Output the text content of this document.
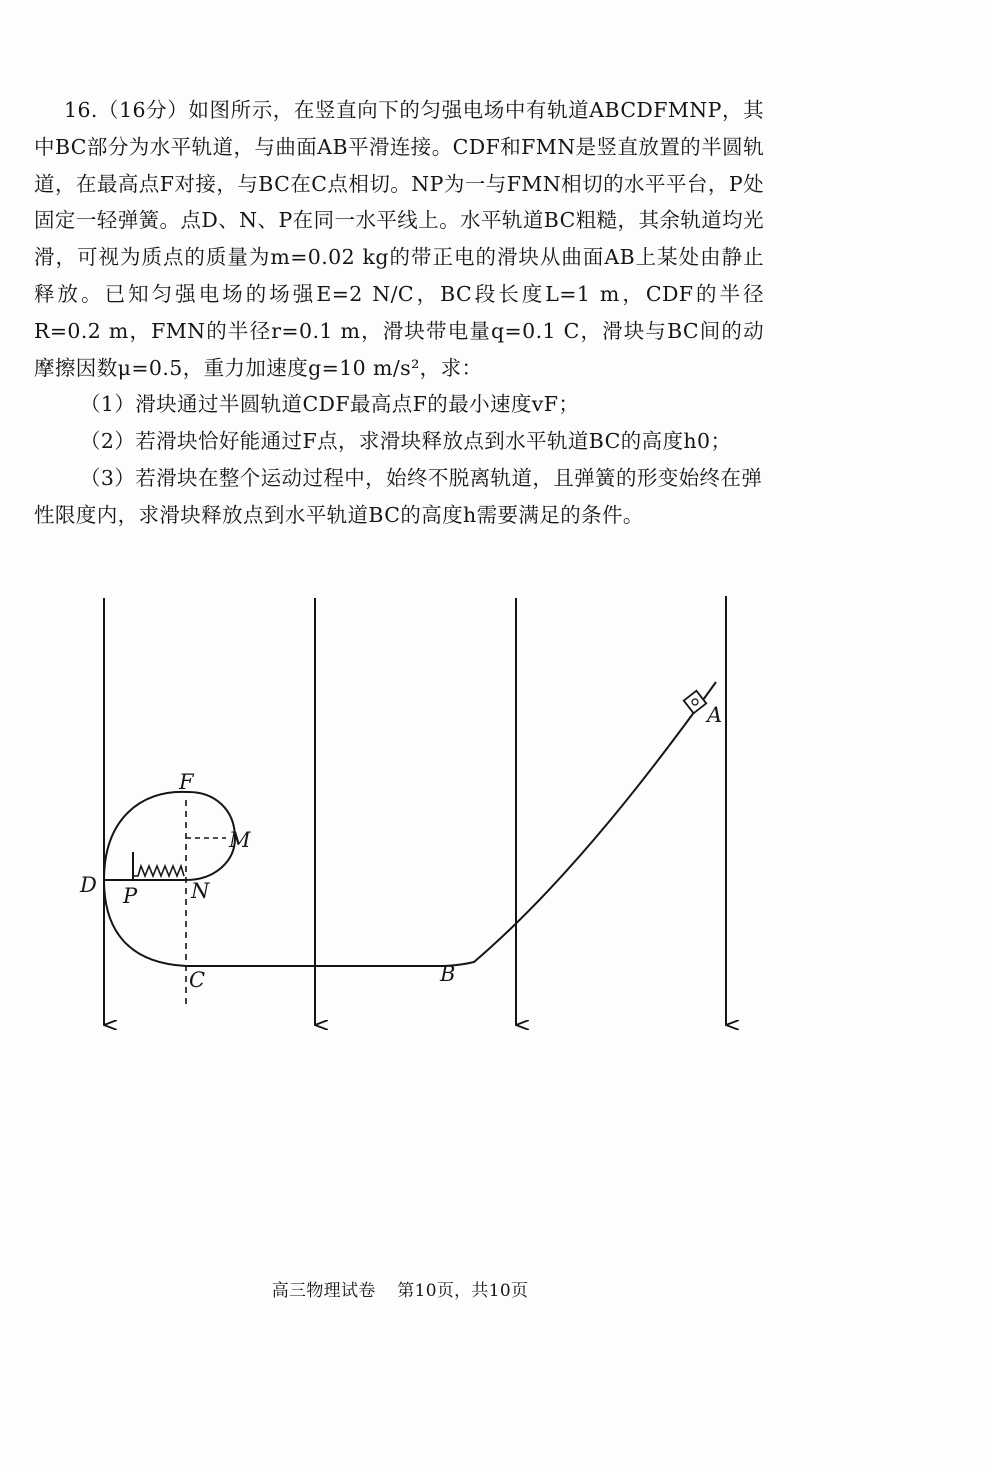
16.（16分）如图所示，在竖直向下的匀强电场中有轨道ABCDFMNP，其中BC部分为水平轨道，与曲面AB平滑连接。CDF和FMN是竖直放置的半圆轨道，在最高点F对接，与BC在C点相切。NP为一与FMN相切的水平平台，P处固定一轻弹簧。点D、N、P在同一水平线上。水平轨道BC粗糙，其余轨道均光滑，可视为质点的质量为m=0.02 kg的带正电的滑块从曲面AB上某处由静止释放。已知匀强电场的场强E=2 N/C，BC段长度L=1 m，CDF的半径R=0.2 m，FMN的半径r=0.1 m，滑块带电量q=0.1 C，滑块与BC间的动摩擦因数μ=0.5，重力加速度g=10 m/s²，求：

（1）滑块通过半圆轨道CDF最高点F的最小速度vF；

（2）若滑块恰好能通过F点，求滑块释放点到水平轨道BC的高度h0；

（3）若滑块在整个运动过程中，始终不脱离轨道，且弹簧的形变始终在弹性限度内，求滑块释放点到水平轨道BC的高度h需要满足的条件。

A
B
C
D
F
M
N
P
高三物理试卷 第10页，共10页
